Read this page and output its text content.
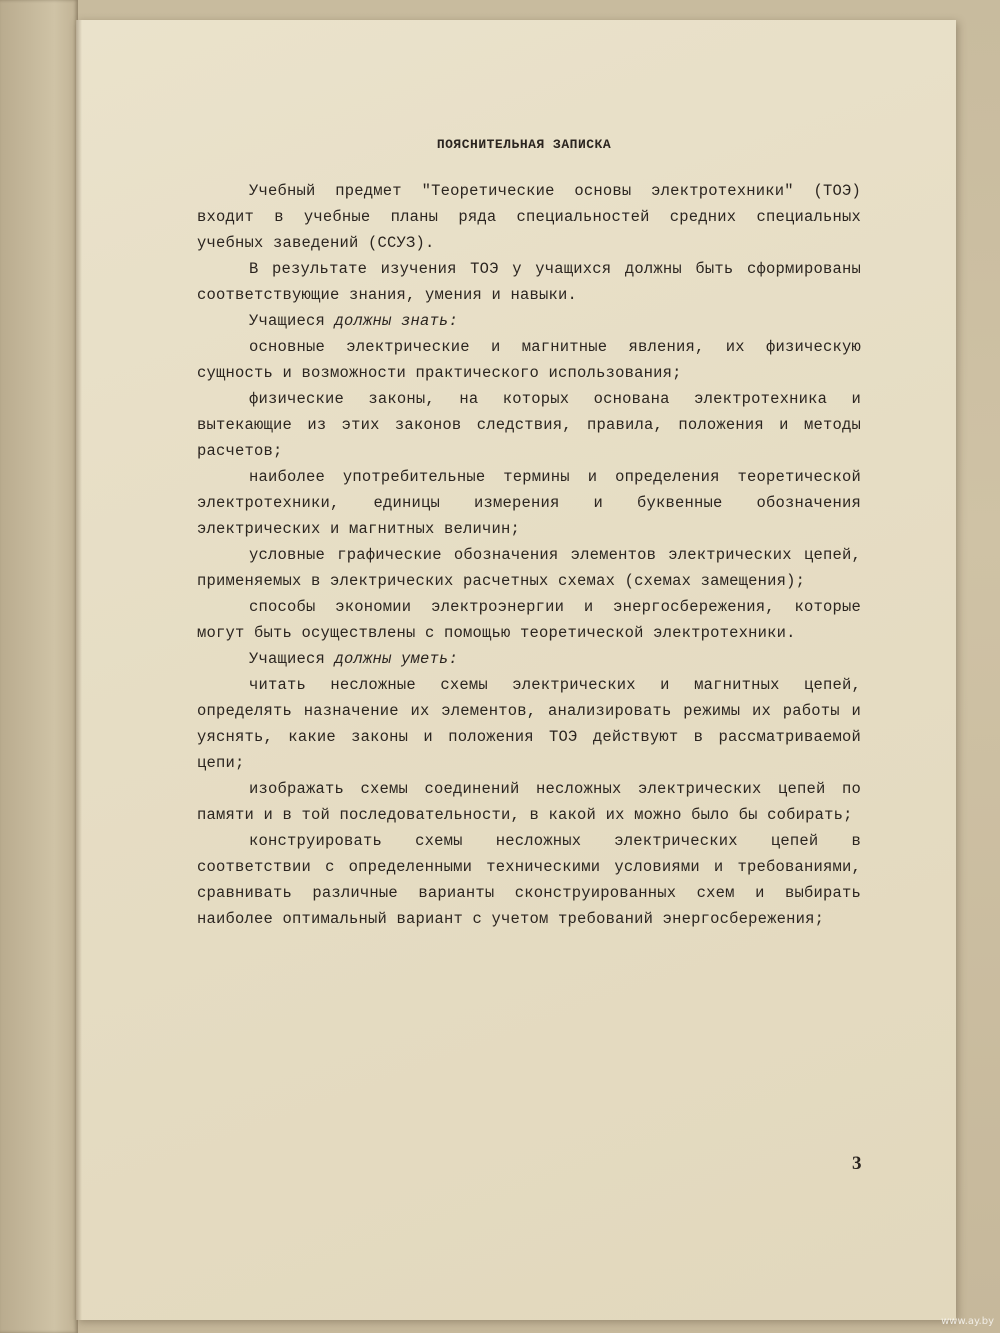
ПОЯСНИТЕЛЬНАЯ ЗАПИСКА

Учебный предмет "Теоретические основы электротехники" (ТОЭ) входит в учебные планы ряда специальностей средних специальных учебных заведений (ССУЗ).

В результате изучения ТОЭ у учащихся должны быть сформированы соответствующие знания, умения и навыки.

Учащиеся должны знать:

основные электрические и магнитные явления, их физическую сущность и возможности практического использования;

физические законы, на которых основана электротехника и вытекающие из этих законов следствия, правила, положения и методы расчетов;

наиболее употребительные термины и определения теоретической электротехники, единицы измерения и буквенные обозначения электрических и магнитных величин;

условные графические обозначения элементов электрических цепей, применяемых в электрических расчетных схемах (схемах замещения);

способы экономии электроэнергии и энергосбережения, которые могут быть осуществлены с помощью теоретической электротехники.

Учащиеся должны уметь:

читать несложные схемы электрических и магнитных цепей, определять назначение их элементов, анализировать режимы их работы и уяснять, какие законы и положения ТОЭ действуют в рассматриваемой цепи;

изображать схемы соединений несложных электрических цепей по памяти и в той последовательности, в какой их можно было бы собирать;

конструировать схемы несложных электрических цепей в соответствии с определенными техническими условиями и требованиями, сравнивать различные варианты сконструированных схем и выбирать наиболее оптимальный вариант с учетом требований энергосбережения;

3
www.ay.by
